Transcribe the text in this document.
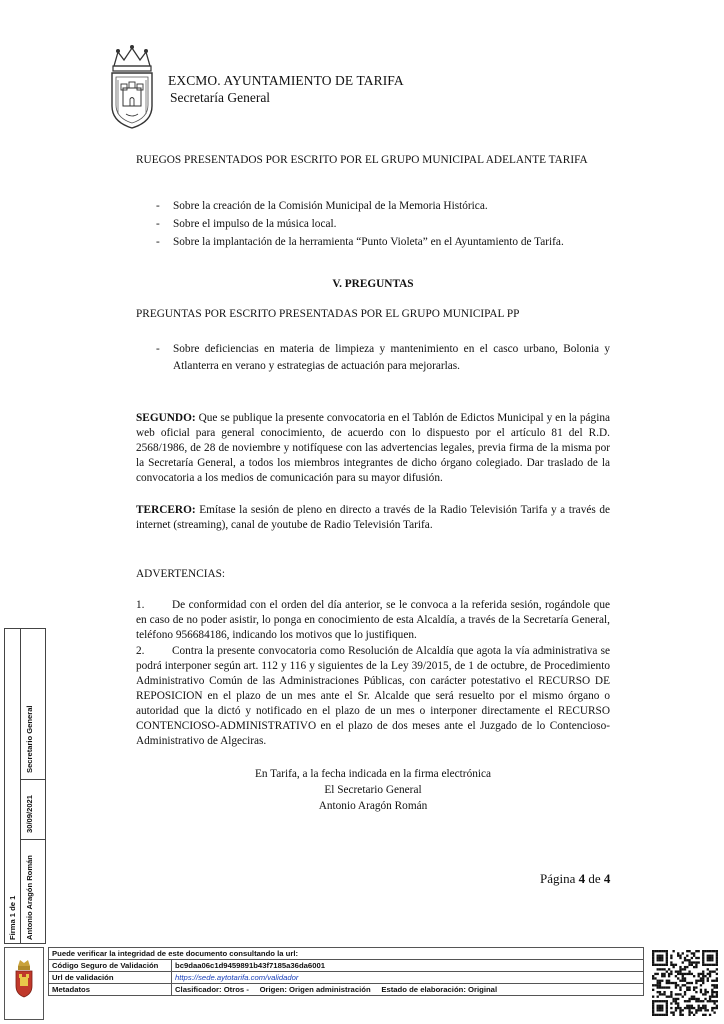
EXCMO. AYUNTAMIENTO DE TARIFA
Secretaría General
RUEGOS PRESENTADOS POR ESCRITO POR EL GRUPO MUNICIPAL ADELANTE TARIFA
- Sobre la creación de la Comisión Municipal de la Memoria Histórica.
- Sobre el impulso de la música local.
- Sobre la implantación de la herramienta “Punto Violeta” en el Ayuntamiento de Tarifa.
V. PREGUNTAS
PREGUNTAS POR ESCRITO PRESENTADAS POR EL GRUPO MUNICIPAL PP
- Sobre deficiencias en materia de limpieza y mantenimiento en el casco urbano, Bolonia y Atlanterra en verano y estrategias de actuación para mejorarlas.
SEGUNDO: Que se publique la presente convocatoria en el Tablón de Edictos Municipal y en la página web oficial para general conocimiento, de acuerdo con lo dispuesto por el artículo 81 del R.D. 2568/1986, de 28 de noviembre y notifíquese con las advertencias legales, previa firma de la misma por la Secretaría General, a todos los miembros integrantes de dicho órgano colegiado. Dar traslado de la convocatoria a los medios de comunicación para su mayor difusión.
TERCERO: Emítase la sesión de pleno en directo a través de la Radio Televisión Tarifa y a través de internet (streaming), canal de youtube de Radio Televisión Tarifa.
ADVERTENCIAS:
1. De conformidad con el orden del día anterior, se le convoca a la referida sesión, rogándole que en caso de no poder asistir, lo ponga en conocimiento de esta Alcaldía, a través de la Secretaría General, teléfono 956684186, indicando los motivos que lo justifiquen.
2. Contra la presente convocatoria como Resolución de Alcaldía que agota la vía administrativa se podrá interponer según art. 112 y 116 y siguientes de la Ley 39/2015, de 1 de octubre, de Procedimiento Administrativo Común de las Administraciones Públicas, con carácter potestativo el RECURSO DE REPOSICION en el plazo de un mes ante el Sr. Alcalde que será resuelto por el mismo órgano o autoridad que la dictó y notificado en el plazo de un mes o interponer directamente el RECURSO CONTENCIOSO-ADMINISTRATIVO en el plazo de dos meses ante el Juzgado de lo Contencioso-Administrativo de Algeciras.
En Tarifa, a la fecha indicada en la firma electrónica
El Secretario General
Antonio Aragón Román
Página 4 de 4
Firma 1 de 1 Antonio Aragón Román
30/09/2021
Secretario General
Puede verificar la integridad de este documento consultando la url:	
Código Seguro de Validación	bc9daa06c1d9459891b43f7185a36da6001
Url de validación	https://sede.aytotarifa.com/validador
Metadatos	Clasificador: Otros -     Origen: Origen administración     Estado de elaboración: Original
